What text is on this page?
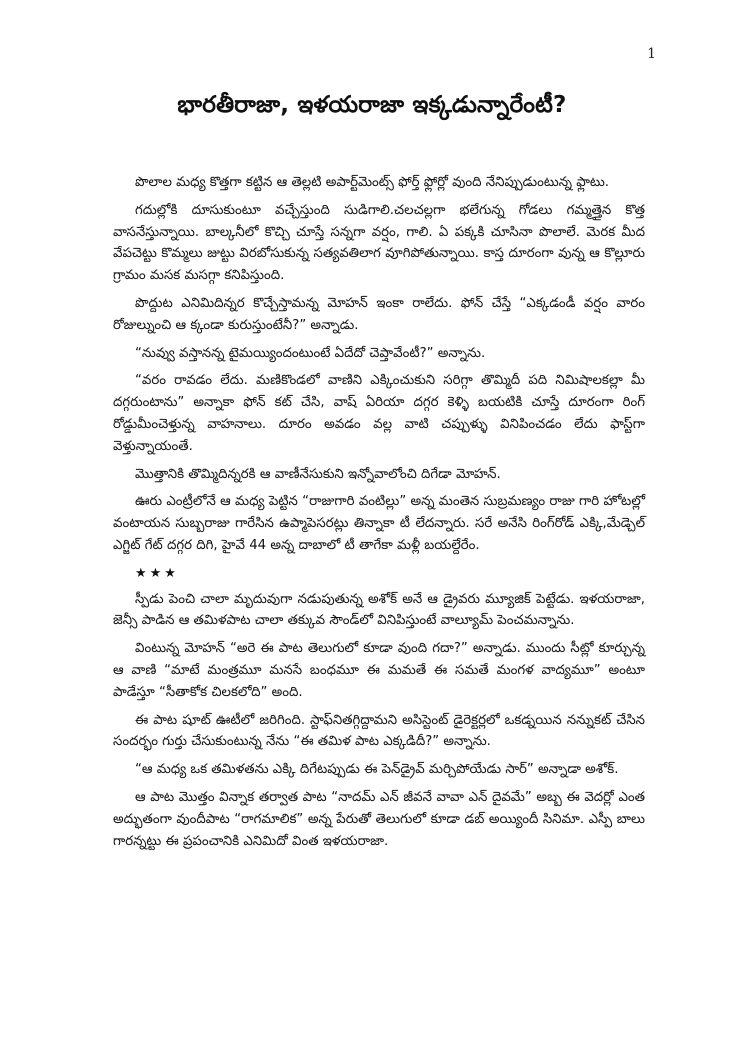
1
భారతీరాజా, ఇళయరాజా ఇక్కడున్నారేంటీ?

పొలాల మధ్య కొత్తగా కట్టిన ఆ తెల్లటి అపార్ట్‌మెంట్స్ ఫోర్త్ ఫ్లోర్లో వుంది నేనిప్పుడుంటున్న ఫ్లాటు.

గదుల్లోకి దూసుకుంటూ వచ్చేస్తుంది సుడిగాలి.చలచల్లగా భలేగున్న గోడలు గమ్మత్తైన కొత్త వాసనేస్తున్నాయి. బాల్కనీలో కొచ్చి చూస్తే సన్నగా వర్షం, గాలి. ఏ పక్కకి చూసినా పొలాలే. మెరక మీద వేపచెట్టు కొమ్మలు జుట్టు విరబోసుకున్న సత్యవతిలాగ వూగిపోతున్నాయి. కాస్త దూరంగా వున్న ఆ కొల్లూరు గ్రామం మసక మసగ్గా కనిపిస్తుంది.

పొద్దుట ఎనిమిదిన్నర కొచ్చేస్తామన్న మోహన్ ఇంకా రాలేదు. ఫోన్ చేస్తే “ఎక్కడండీ వర్షం వారం రోజుల్నుంచి ఆ క్కండా కురుస్తుంటేనీ?” అన్నాడు.

“నువ్వు వస్తానన్న టైమయ్యిందంటుంటే ఏదేదో చెప్తావేంటీ?” అన్నాను.

“వరం రావడం లేదు. మణికొండలో వాణిని ఎక్కించుకుని సరిగ్గా తొమ్మిదీ పది నిమిషాలకల్లా మీ దగ్గరుంటాను” అన్నాకా ఫోన్ కట్ చేసి, వాష్ ఏరియా దగ్గర కెళ్ళి బయటికి చూస్తే దూరంగా రింగ్ రోడ్డుమీంచెళ్తున్న వాహనాలు. దూరం అవడం వల్ల వాటి చప్పుళ్ళు వినిపించడం లేదు ఫాస్ట్‌గా వెళ్తున్నాయంతే.

మొత్తానికి తొమ్మిదిన్నరకి ఆ వాణీనేసుకుని ఇన్నోవాలోంచి దిగేడా మోహన్.

ఊరు ఎంట్రీలోనే ఆ మధ్య పెట్టిన “రాజుగారి వంటిల్లు” అన్న మంతెన సుబ్రమణ్యం రాజు గారి హోటల్లో వంటాయన సుబ్బరాజు గారేసిన ఉప్మాపెసరట్లు తిన్నాకా టీ లేదన్నారు. సరే అనేసి రింగ్‌రోడ్ ఎక్కి,మేడ్చెల్ ఎగ్జిట్ గేట్ దగ్గర దిగి, హైవే 44 అన్న దాబాలో టీ తాగేకా మళ్లీ బయల్దేరేం.

★★★

స్పీడు పెంచి చాలా మృదువుగా నడుపుతున్న అశోక్ అనే ఆ డ్రైవరు మ్యూజిక్ పెట్టేడు. ఇళయరాజా, జెన్సీ పాడిన ఆ తమిళపాట చాలా తక్కువ సౌండ్‌లో వినిపిస్తుంటే వాల్యూమ్ పెంచమన్నాను.

వింటున్న మోహన్ “అరె ఈ పాట తెలుగులో కూడా వుంది గదా?” అన్నాడు. ముందు సీట్లో కూర్చున్న ఆ వాణి “మాటే మంత్రమూ మనసే బంధమూ ఈ మమతే ఈ సమతే మంగళ వాద్యమూ” అంటూ పాడేస్తూ “సీతాకోక చిలకలోది” అంది.

ఈ పాట షూట్ ఊటీలో జరిగింది. స్టాఫ్‌నితగ్గిద్దామని అసిస్టెంట్ డైరెక్టర్లలో ఒకడ్నయిన నన్నుకట్ చేసిన సందర్భం గుర్తు చేసుకుంటున్న నేను “ఈ తమిళ పాట ఎక్కడిదీ?” అన్నాను.

“ఆ మధ్య ఒక తమిళతను ఎక్కి దిగేటప్పుడు ఈ పెన్‌డ్రైవ్ మర్చిపోయేడు సార్” అన్నాడా అశోక్.

ఆ పాట మొత్తం విన్నాక తర్వాత పాట “నాదమ్ ఎన్ జీవనే వావా ఎన్ దైవమే” అబ్బ ఈ వెదర్లో ఎంత అద్భుతంగా వుందీపాట “రాగమాలిక” అన్న పేరుతో తెలుగులో కూడా డబ్ అయ్యిందీ సినిమా. ఎస్పీ బాలు గారన్నట్టు ఈ ప్రపంచానికి ఎనిమిదో వింత ఇళయరాజా.
